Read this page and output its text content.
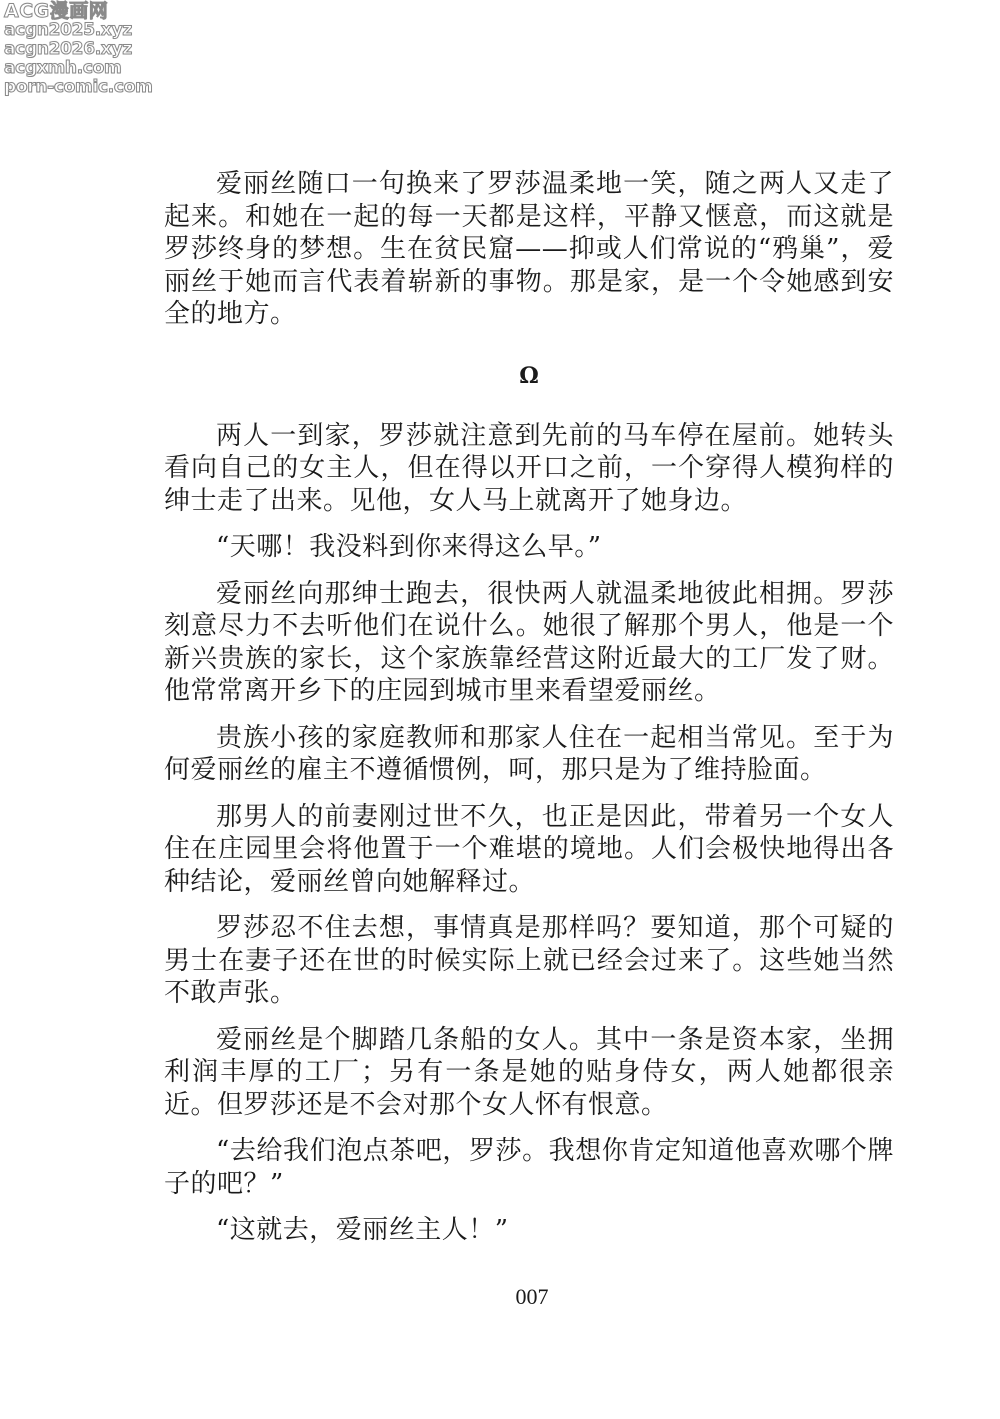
ACG漫画网
acgn2025.xyz
acgn2026.xyz
acgxmh.com
porn-comic.com

爱丽丝随口一句换来了罗莎温柔地一笑，随之两人又走了起来。和她在一起的每一天都是这样，平静又惬意，而这就是罗莎终身的梦想。生在贫民窟——抑或人们常说的“鸦巢”，爱丽丝于她而言代表着崭新的事物。那是家，是一个令她感到安全的地方。

Ω

两人一到家，罗莎就注意到先前的马车停在屋前。她转头看向自己的女主人，但在得以开口之前，一个穿得人模狗样的绅士走了出来。见他，女人马上就离开了她身边。

“天哪！我没料到你来得这么早。”

爱丽丝向那绅士跑去，很快两人就温柔地彼此相拥。罗莎刻意尽力不去听他们在说什么。她很了解那个男人，他是一个新兴贵族的家长，这个家族靠经营这附近最大的工厂发了财。他常常离开乡下的庄园到城市里来看望爱丽丝。

贵族小孩的家庭教师和那家人住在一起相当常见。至于为何爱丽丝的雇主不遵循惯例，呵，那只是为了维持脸面。

那男人的前妻刚过世不久，也正是因此，带着另一个女人住在庄园里会将他置于一个难堪的境地。人们会极快地得出各种结论，爱丽丝曾向她解释过。

罗莎忍不住去想，事情真是那样吗？要知道，那个可疑的男士在妻子还在世的时候实际上就已经会过来了。这些她当然不敢声张。

爱丽丝是个脚踏几条船的女人。其中一条是资本家，坐拥利润丰厚的工厂；另有一条是她的贴身侍女，两人她都很亲近。但罗莎还是不会对那个女人怀有恨意。

“去给我们泡点茶吧，罗莎。我想你肯定知道他喜欢哪个牌子的吧？”

“这就去，爱丽丝主人！”

007
